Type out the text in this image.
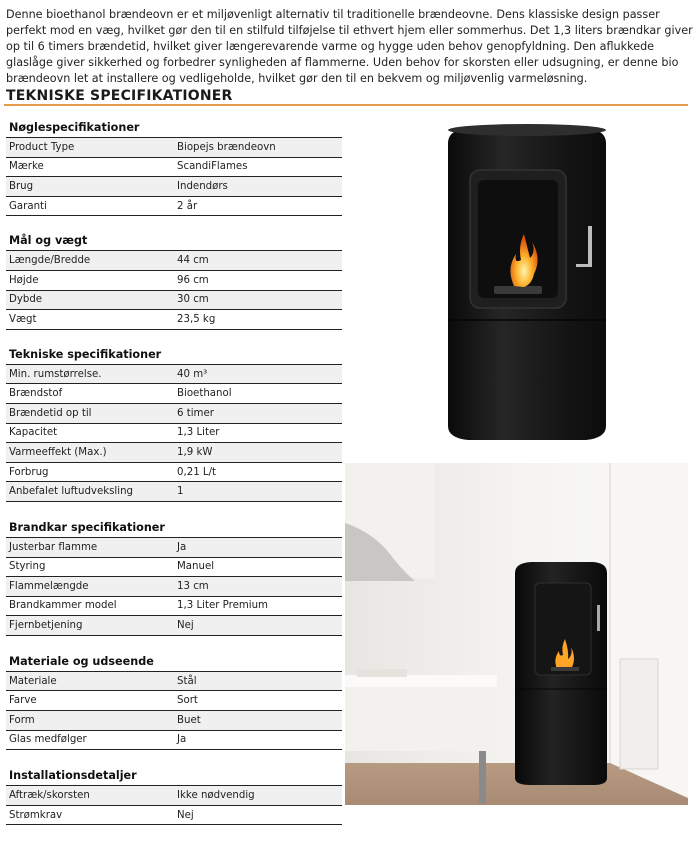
Denne bioethanol brændeovn er et miljøvenligt alternativ til traditionelle brændeovne. Dens klassiske design passer perfekt mod en væg, hvilket gør den til en stilfuld tilføjelse til ethvert hjem eller sommerhus. Det 1,3 liters brændkar giver op til 6 timers brændetid, hvilket giver længerevarende varme og hygge uden behov genopfyldning. Den aflukkede glaslåge giver sikkerhed og forbedrer synligheden af flammerne. Uden behov for skorsten eller udsugning, er denne bio brændeovn let at installere og vedligeholde, hvilket gør den til en bekvem og miljøvenlig varmeløsning.

TEKNISKE SPECIFIKATIONER
Nøglespecifikationer
Product Type	Biopejs brændeovn
Mærke	ScandiFlames
Brug	Indendørs
Garanti	2 år
Mål og vægt
Længde/Bredde	44 cm
Højde	96 cm
Dybde	30 cm
Vægt	23,5 kg
Tekniske specifikationer
Min. rumstørrelse.	40 m³
Brændstof	Bioethanol
Brændetid op til	6 timer
Kapacitet	1,3 Liter
Varmeeffekt (Max.)	1,9 kW
Forbrug	0,21 L/t
Anbefalet luftudveksling	1
Brandkar specifikationer
Justerbar flamme	Ja
Styring	Manuel
Flammelængde	13 cm
Brandkammer model	1,3 Liter Premium
Fjernbetjening	Nej
Materiale og udseende
Materiale	Stål
Farve	Sort
Form	Buet
Glas medfølger	Ja
Installationsdetaljer
Aftræk/skorsten	Ikke nødvendig
Strømkrav	Nej
